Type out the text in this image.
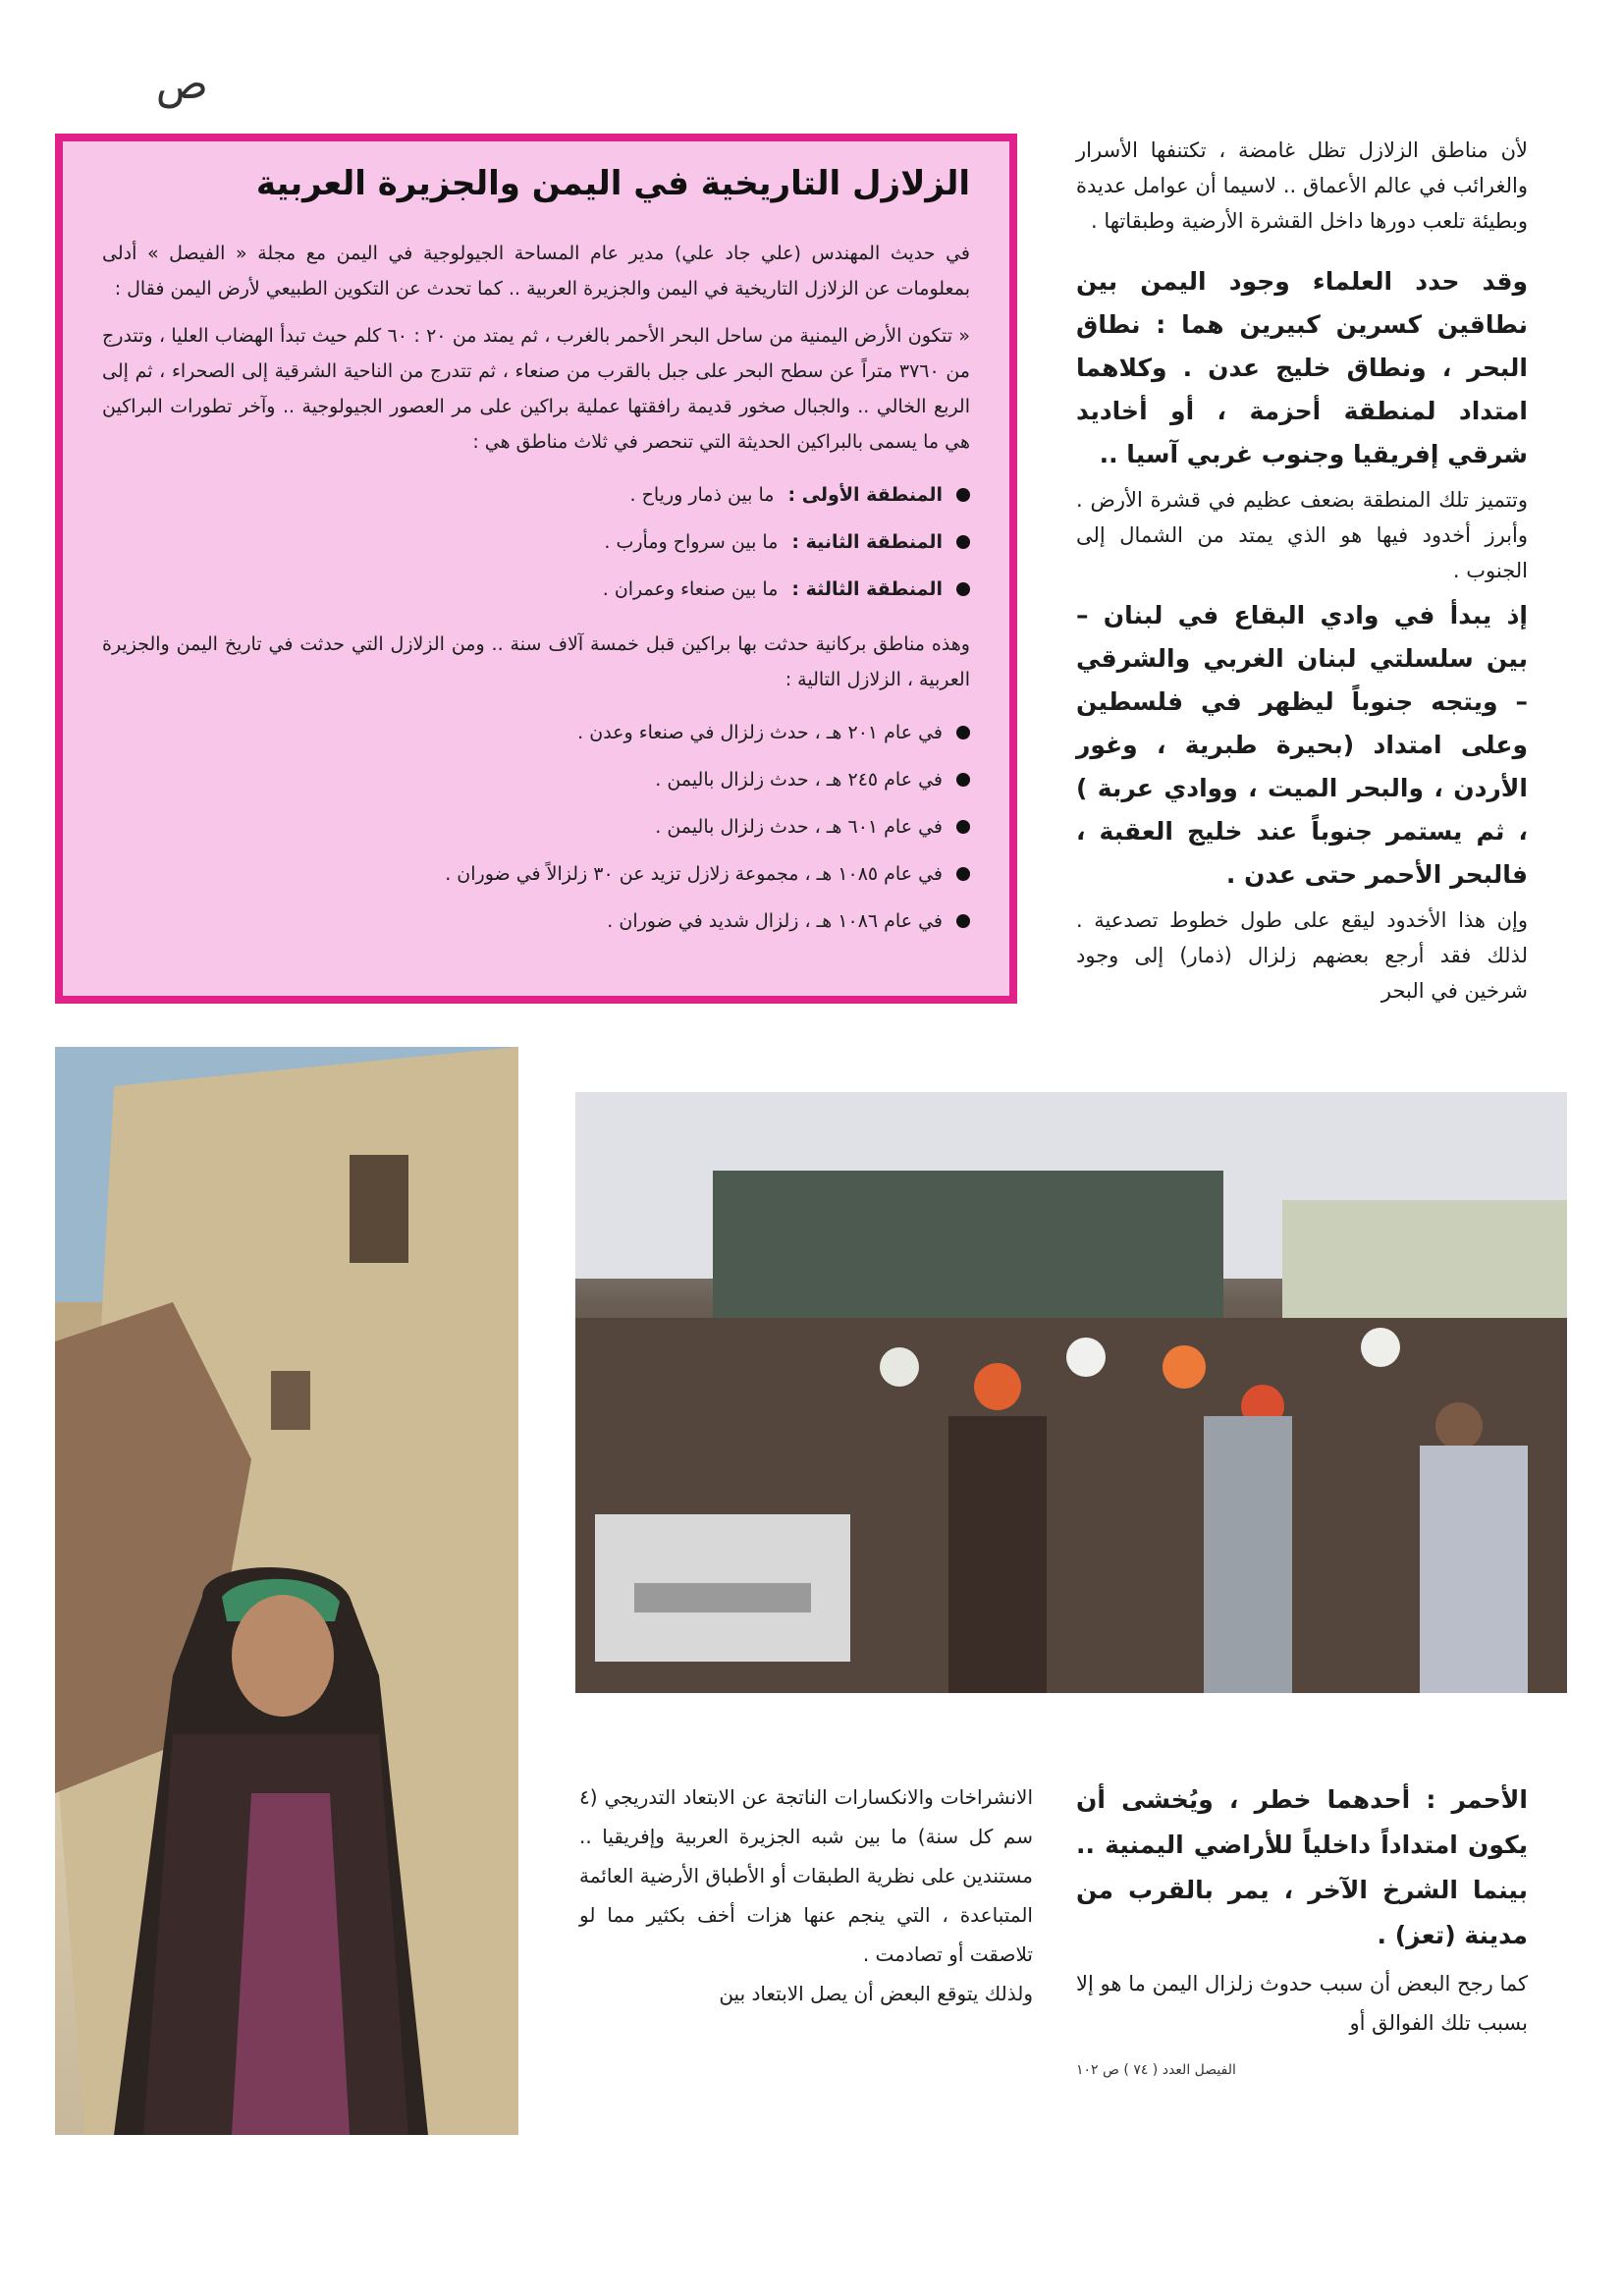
ص

لأن مناطق الزلازل تظل غامضة ، تكتنفها الأسرار والغرائب في عالم الأعماق .. لاسيما أن عوامل عديدة وبطيئة تلعب دورها داخل القشرة الأرضية وطبقاتها .

وقد حدد العلماء وجود اليمن بين نطاقين كسرين كبيرين هما : نطاق البحر ، ونطاق خليج عدن . وكلاهما امتداد لمنطقة أحزمة ، أو أخاديد شرقي إفريقيا وجنوب غربي آسيا ..

وتتميز تلك المنطقة بضعف عظيم في قشرة الأرض . وأبرز أخدود فيها هو الذي يمتد من الشمال إلى الجنوب .

إذ يبدأ في وادي البقاع في لبنان – بين سلسلتي لبنان الغربي والشرقي – ويتجه جنوباً ليظهر في فلسطين وعلى امتداد (بحيرة طبرية ، وغور الأردن ، والبحر الميت ، ووادي عربة ) ، ثم يستمر جنوباً عند خليج العقبة ، فالبحر الأحمر حتى عدن .

وإن هذا الأخدود ليقع على طول خطوط تصدعية . لذلك فقد أرجع بعضهم زلزال (ذمار) إلى وجود شرخين في البحر

الزلازل التاريخية في اليمن والجزيرة العربية

في حديث المهندس (علي جاد علي) مدير عام المساحة الجيولوجية في اليمن مع مجلة « الفيصل » أدلى بمعلومات عن الزلازل التاريخية في اليمن والجزيرة العربية .. كما تحدث عن التكوين الطبيعي لأرض اليمن فقال :

« تتكون الأرض اليمنية من ساحل البحر الأحمر بالغرب ، ثم يمتد من ٢٠ : ٦٠ كلم حيث تبدأ الهضاب العليا ، وتتدرج من ٣٧٦٠ متراً عن سطح البحر على جبل بالقرب من صنعاء ، ثم تتدرج من الناحية الشرقية إلى الصحراء ، ثم إلى الربع الخالي .. والجبال صخور قديمة رافقتها عملية براكين على مر العصور الجيولوجية .. وآخر تطورات البراكين هي ما يسمى بالبراكين الحديثة التي تنحصر في ثلاث مناطق هي :

المنطقة الأولى :
ما بين ذمار ورياح .
المنطقة الثانية :
ما بين سرواح ومأرب .
المنطقة الثالثة :
ما بين صنعاء وعمران .

وهذه مناطق بركانية حدثت بها براكين قبل خمسة آلاف سنة .. ومن الزلازل التي حدثت في تاريخ اليمن والجزيرة العربية ، الزلازل التالية :

في عام ٢٠١ هـ ، حدث زلزال في صنعاء وعدن .
في عام ٢٤٥ هـ ، حدث زلزال باليمن .
في عام ٦٠١ هـ ، حدث زلزال باليمن .
في عام ١٠٨٥ هـ ، مجموعة زلازل تزيد عن ٣٠ زلزالاً في ضوران .
في عام ١٠٨٦ هـ ، زلزال شديد في ضوران .

الانشراخات والانكسارات الناتجة عن الابتعاد التدريجي (٤ سم كل سنة) ما بين شبه الجزيرة العربية وإفريقيا .. مستندين على نظرية الطبقات أو الأطباق الأرضية العائمة المتباعدة ، التي ينجم عنها هزات أخف بكثير مما لو تلاصقت أو تصادمت .

ولذلك يتوقع البعض أن يصل الابتعاد بين

الأحمر : أحدهما خطر ، ويُخشى أن يكون امتداداً داخلياً للأراضي اليمنية .. بينما الشرخ الآخر ، يمر بالقرب من مدينة (تعز) .

كما رجح البعض أن سبب حدوث زلزال اليمن ما هو إلا بسبب تلك الفوالق أو

الفيصل العدد ( ٧٤ ) ص ١٠٢
